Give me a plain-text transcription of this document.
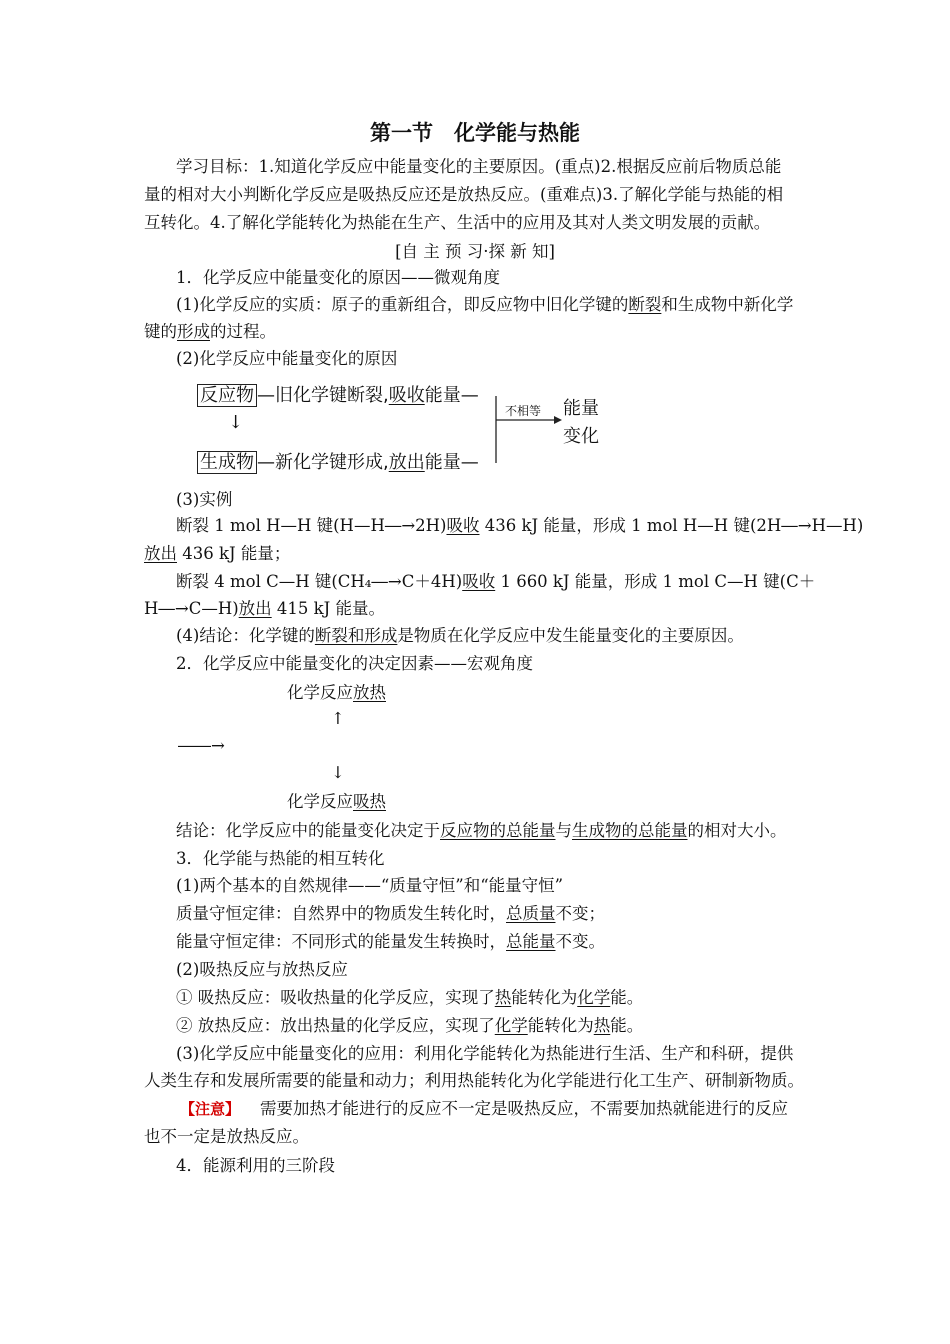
第一节　化学能与热能
学习目标：1.知道化学反应中能量变化的主要原因。(重点)2.根据反应前后物质总能
量的相对大小判断化学反应是吸热反应还是放热反应。(重难点)3.了解化学能与热能的相
互转化。4.了解化学能转化为热能在生产、生活中的应用及其对人类文明发展的贡献。
[自 主 预 习·探 新 知]
1．化学反应中能量变化的原因——微观角度
(1)化学反应的实质：原子的重新组合，即反应物中旧化学键的断裂和生成物中新化学
键的形成的过程。
(2)化学反应中能量变化的原因
反应物 —旧化学键断裂,吸收能量—
↓
生成物 —新化学键形成,放出能量—
不相等 能量
变化
(3)实例
断裂 1 mol H—H 键(H—H―→2H)吸收 436 kJ 能量，形成 1 mol H—H 键(2H―→H—H)
放出 436 kJ 能量；
断裂 4 mol C—H 键(CH₄―→C＋4H)吸收 1 660 kJ 能量，形成 1 mol C—H 键(C＋
H―→C—H)放出 415 kJ 能量。
(4)结论：化学键的断裂和形成是物质在化学反应中发生能量变化的主要原因。
2．化学反应中能量变化的决定因素——宏观角度
化学反应放热
↑
――→
↓
化学反应吸热
结论：化学反应中的能量变化决定于反应物的总能量与生成物的总能量的相对大小。
3．化学能与热能的相互转化
(1)两个基本的自然规律——“质量守恒”和“能量守恒”
质量守恒定律：自然界中的物质发生转化时，总质量不变；
能量守恒定律：不同形式的能量发生转换时，总能量不变。
(2)吸热反应与放热反应
① 吸热反应：吸收热量的化学反应，实现了热能转化为化学能。
② 放热反应：放出热量的化学反应，实现了化学能转化为热能。
(3)化学反应中能量变化的应用：利用化学能转化为热能进行生活、生产和科研，提供
人类生存和发展所需要的能量和动力；利用热能转化为化学能进行化工生产、研制新物质。
【注意】 需要加热才能进行的反应不一定是吸热反应，不需要加热就能进行的反应
也不一定是放热反应。
4．能源利用的三阶段
